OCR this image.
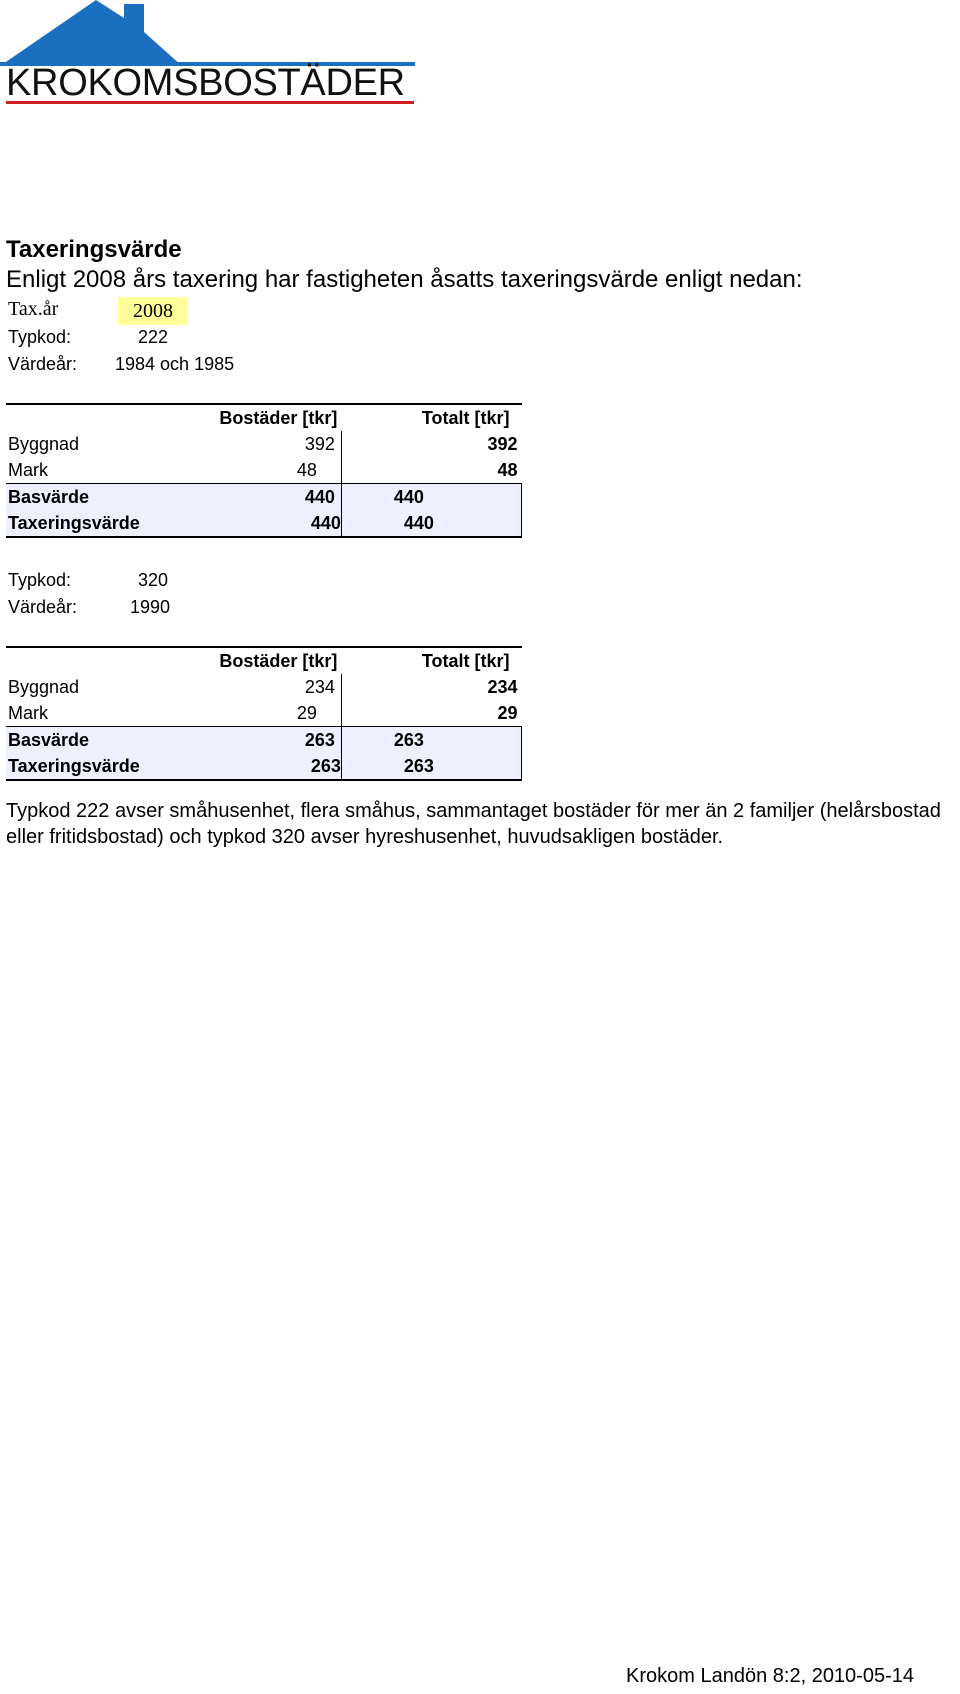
KROKOMSBOSTÄDER
Taxeringsvärde
Enligt 2008 års taxering har fastigheten åsatts taxeringsvärde enligt nedan:
Tax.år	2008
Typkod:	222
Värdeår: 1984 och 1985
	Bostäder [tkr]	Totalt [tkr]
Byggnad	392	392
Mark	48	48
Basvärde	440	440
Taxeringsvärde	440	440
Typkod:	320
Värdeår:	1990
	Bostäder [tkr]	Totalt [tkr]
Byggnad	234	234
Mark	29	29
Basvärde	263	263
Taxeringsvärde	263	263
Typkod 222 avser småhusenhet, flera småhus, sammantaget bostäder för mer än 2 familjer (helårsbostad eller fritidsbostad) och typkod 320 avser hyreshusenhet, huvudsakligen bostäder.
Krokom Landön 8:2, 2010-05-14
